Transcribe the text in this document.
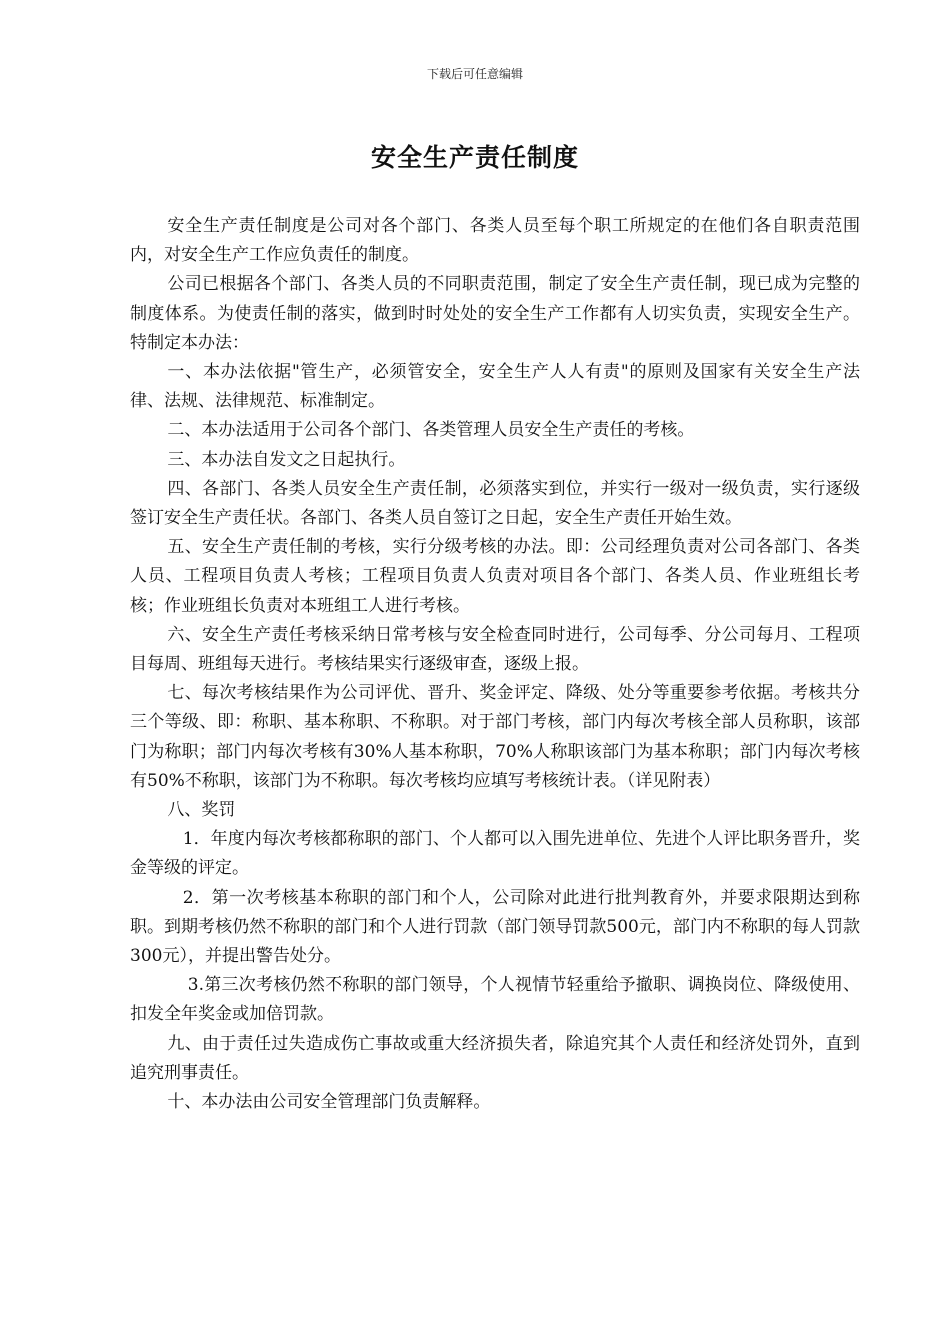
下载后可任意编辑
安全生产责任制度

安全生产责任制度是公司对各个部门、各类人员至每个职工所规定的在他们各自职责范围内，对安全生产工作应负责任的制度。

公司已根据各个部门、各类人员的不同职责范围，制定了安全生产责任制，现已成为完整的制度体系。为使责任制的落实，做到时时处处的安全生产工作都有人切实负责，实现安全生产。特制定本办法：

一、本办法依据"管生产，必须管安全，安全生产人人有责"的原则及国家有关安全生产法律、法规、法律规范、标准制定。

二、本办法适用于公司各个部门、各类管理人员安全生产责任的考核。

三、本办法自发文之日起执行。

四、各部门、各类人员安全生产责任制，必须落实到位，并实行一级对一级负责，实行逐级签订安全生产责任状。各部门、各类人员自签订之日起，安全生产责任开始生效。

五、安全生产责任制的考核，实行分级考核的办法。即：公司经理负责对公司各部门、各类人员、工程项目负责人考核；工程项目负责人负责对项目各个部门、各类人员、作业班组长考核；作业班组长负责对本班组工人进行考核。

六、安全生产责任考核采纳日常考核与安全检查同时进行，公司每季、分公司每月、工程项目每周、班组每天进行。考核结果实行逐级审查，逐级上报。

七、每次考核结果作为公司评优、晋升、奖金评定、降级、处分等重要参考依据。考核共分三个等级、即：称职、基本称职、不称职。对于部门考核，部门内每次考核全部人员称职，该部门为称职；部门内每次考核有30%人基本称职，70%人称职该部门为基本称职；部门内每次考核有50%不称职，该部门为不称职。每次考核均应填写考核统计表。（详见附表）

八、奖罚

1．年度内每次考核都称职的部门、个人都可以入围先进单位、先进个人评比职务晋升，奖金等级的评定。

2．第一次考核基本称职的部门和个人，公司除对此进行批判教育外，并要求限期达到称职。到期考核仍然不称职的部门和个人进行罚款（部门领导罚款500元，部门内不称职的每人罚款300元），并提出警告处分。

3.第三次考核仍然不称职的部门领导，个人视情节轻重给予撤职、调换岗位、降级使用、扣发全年奖金或加倍罚款。

九、由于责任过失造成伤亡事故或重大经济损失者，除追究其个人责任和经济处罚外，直到追究刑事责任。

十、本办法由公司安全管理部门负责解释。
